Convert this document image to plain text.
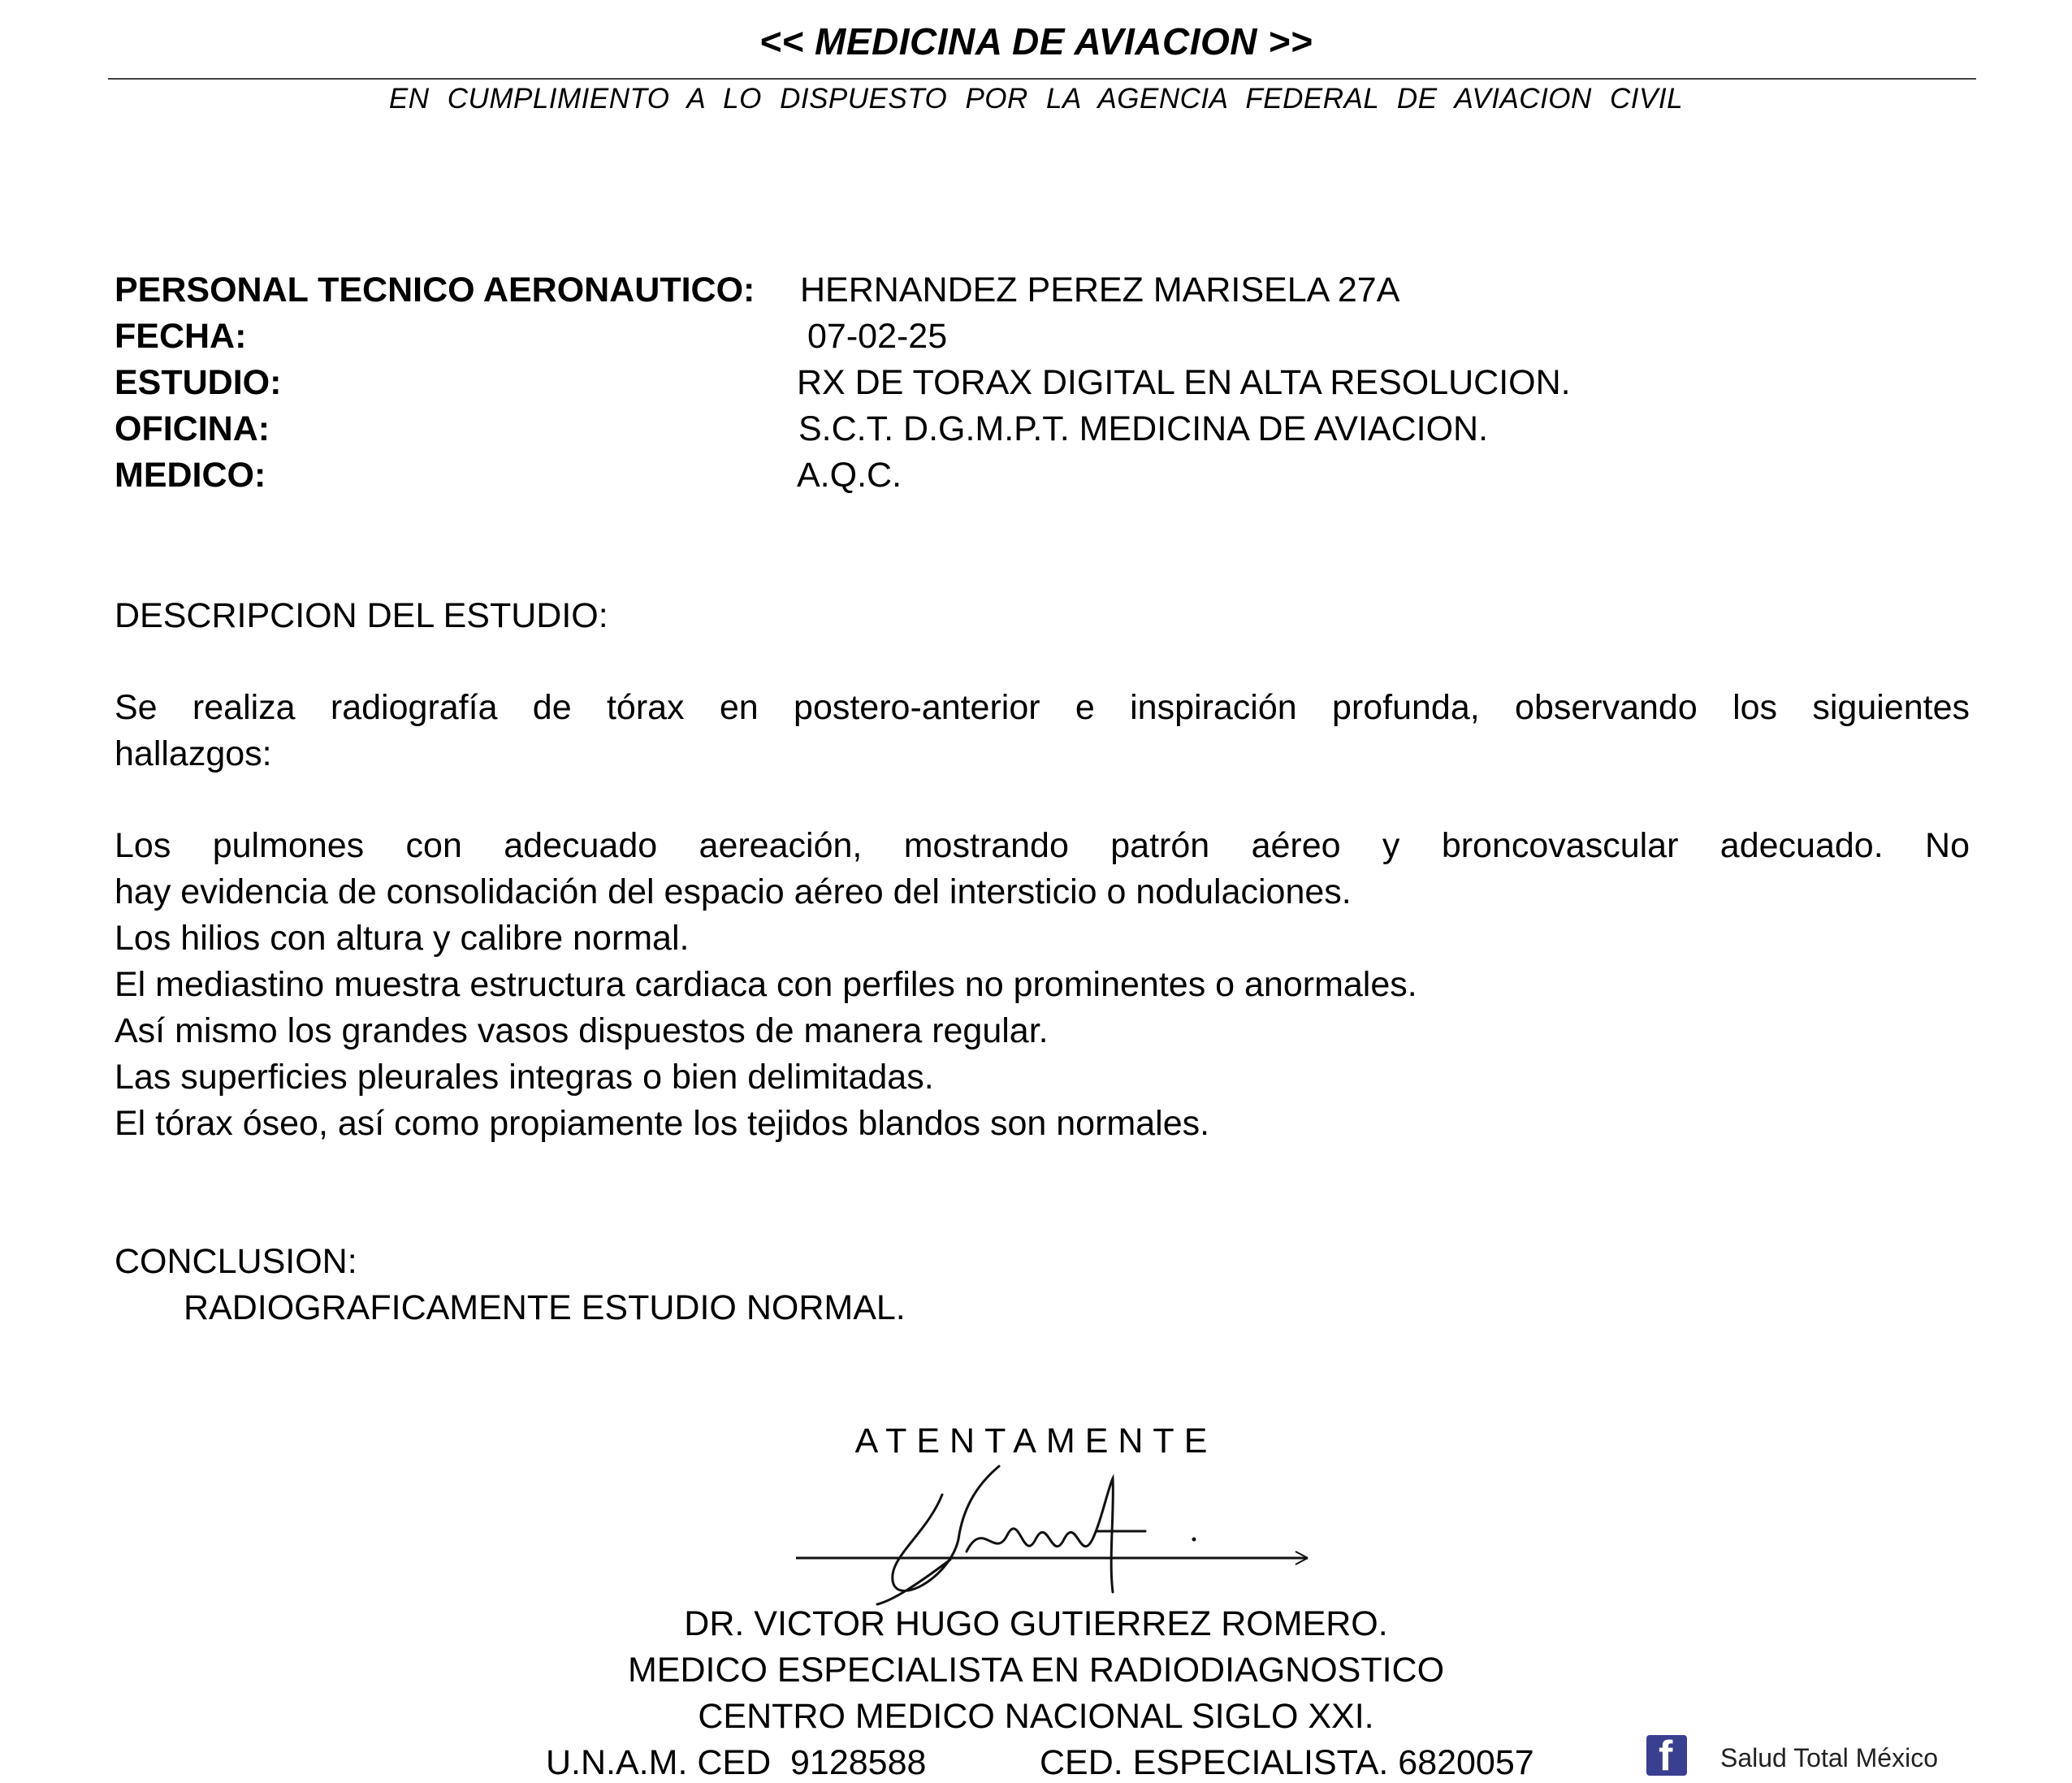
<< MEDICINA DE AVIACION >>
EN CUMPLIMIENTO A LO DISPUESTO POR LA AGENCIA FEDERAL DE AVIACION CIVIL
PERSONAL TECNICO AERONAUTICO: HERNANDEZ PEREZ MARISELA 27A
FECHA:	07-02-25
ESTUDIO:	RX DE TORAX DIGITAL EN ALTA RESOLUCION.
OFICINA:	S.C.T. D.G.M.P.T. MEDICINA DE AVIACION.
MEDICO:	A.Q.C.
DESCRIPCION DEL ESTUDIO:
Se realiza radiografía de tórax en postero-anterior e inspiración profunda, observando los siguientes
hallazgos:
Los pulmones con adecuado aereación, mostrando patrón aéreo y broncovascular adecuado. No
hay evidencia de consolidación del espacio aéreo del intersticio o nodulaciones.
Los hilios con altura y calibre normal.
El mediastino muestra estructura cardiaca con perfiles no prominentes o anormales.
Así mismo los grandes vasos dispuestos de manera regular.
Las superficies pleurales integras o bien delimitadas.
El tórax óseo, así como propiamente los tejidos blandos son normales.
CONCLUSION:
RADIOGRAFICAMENTE ESTUDIO NORMAL.
ATENTAMENTE
DR. VICTOR HUGO GUTIERREZ ROMERO.
MEDICO ESPECIALISTA EN RADIODIAGNOSTICO
CENTRO MEDICO NACIONAL SIGLO XXI.
U.N.A.M. CED  9128588	CED. ESPECIALISTA. 6820057	f Salud Total México
